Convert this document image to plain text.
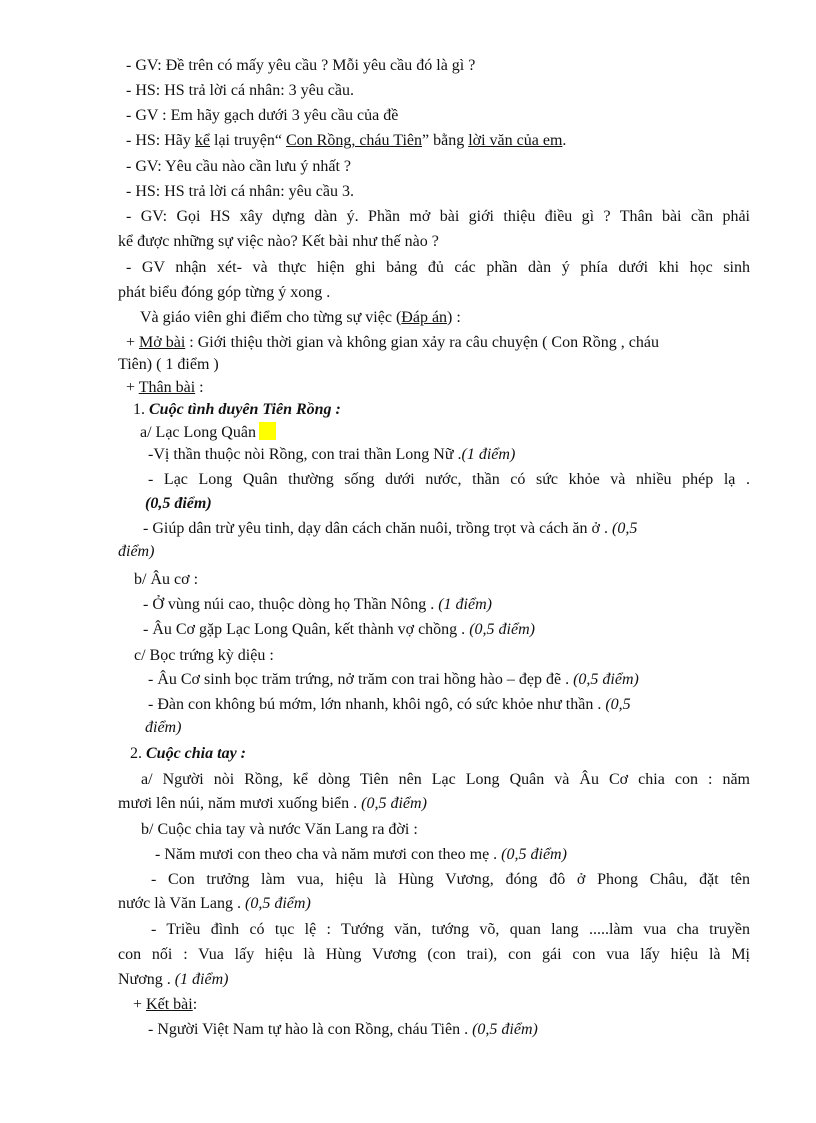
- GV: Đề trên có mấy yêu cầu ? Mỗi yêu cầu đó là gì ?
- HS: HS trả lời cá nhân: 3 yêu cầu.
- GV : Em hãy gạch dưới 3 yêu cầu của đề
- HS: Hãy kể lại truyện“ Con Rồng, cháu Tiên” bằng lời văn của em.
- GV: Yêu cầu nào cần lưu ý nhất ?
- HS: HS trả lời cá nhân: yêu cầu 3.
- GV: Gọi HS xây dựng dàn ý. Phần mở bài giới thiệu điều gì ? Thân bài cần phải
kể được những sự việc nào? Kết bài như thế nào ?
- GV nhận xét- và thực hiện ghi bảng đủ các phần dàn ý phía dưới khi học sinh
phát biểu đóng góp từng ý xong .
Và giáo viên ghi điểm cho từng sự việc (Đáp án) :
+ Mở bài : Giới thiệu thời gian và không gian xảy ra câu chuyện ( Con Rồng , cháu
Tiên) ( 1 điểm )
+ Thân bài :
1. Cuộc tình duyên Tiên Rồng :
a/ Lạc Long Quân
-Vị thần thuộc nòi Rồng, con trai thần Long Nữ .(1 điểm)
- Lạc Long Quân thường sống dưới nước, thần có sức khỏe và nhiều phép lạ .
(0,5 điểm)
- Giúp dân trừ yêu tinh, dạy dân cách chăn nuôi, trồng trọt và cách ăn ở . (0,5
điểm)
b/ Âu cơ :
- Ở vùng núi cao, thuộc dòng họ Thần Nông . (1 điểm)
- Âu Cơ gặp Lạc Long Quân, kết thành vợ chồng . (0,5 điểm)
c/ Bọc trứng kỳ diệu :
- Âu Cơ sinh bọc trăm trứng, nở trăm con trai hồng hào – đẹp đẽ . (0,5 điểm)
- Đàn con không bú mớm, lớn nhanh, khôi ngô, có sức khỏe như thần . (0,5
điểm)
2. Cuộc chia tay :
a/ Người nòi Rồng, kể dòng Tiên nên Lạc Long Quân và Âu Cơ chia con : năm
mươi lên núi, năm mươi xuống biển . (0,5 điểm)
b/ Cuộc chia tay và nước Văn Lang ra đời :
- Năm mươi con theo cha và năm mươi con theo mẹ . (0,5 điểm)
- Con trưởng làm vua, hiệu là Hùng Vương, đóng đô ở Phong Châu, đặt tên
nước là Văn Lang . (0,5 điểm)
- Triều đình có tục lệ : Tướng văn, tướng võ, quan lang .....làm vua cha truyền
con nối : Vua lấy hiệu là Hùng Vương (con trai), con gái con vua lấy hiệu là Mị
Nương . (1 điểm)
+ Kết bài:
- Người Việt Nam tự hào là con Rồng, cháu Tiên . (0,5 điểm)
